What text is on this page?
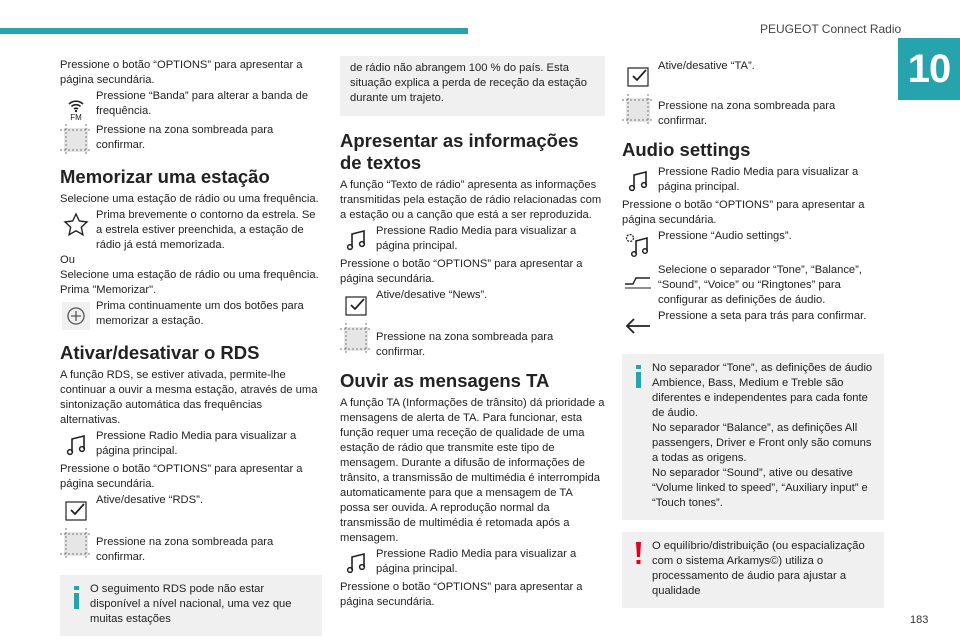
PEUGEOT Connect Radio
10
183

Pressione o botão “OPTIONS” para apresentar a página secundária.

FM
Pressione “Banda” para alterar a banda de frequência.
Pressione na zona sombreada para confirmar.
Memorizar uma estação

Selecione uma estação de rádio ou uma frequência.

Prima brevemente o contorno da estrela. Se a estrela estiver preenchida, a estação de rádio já está memorizada.

Ou

Selecione uma estação de rádio ou uma frequência.

Prima "Memorizar".

Prima continuamente um dos botões para memorizar a estação.
Ativar/desativar o RDS

A função RDS, se estiver ativada, permite-lhe continuar a ouvir a mesma estação, através de uma sintonização automática das frequências alternativas.

Pressione Radio Media para visualizar a página principal.

Pressione o botão “OPTIONS” para apresentar a página secundária.

Ative/desative “RDS”.
Pressione na zona sombreada para confirmar.
O seguimento RDS pode não estar disponível a nível nacional, uma vez que muitas estações
de rádio não abrangem 100 % do país. Esta situação explica a perda de receção da estação durante um trajeto.
Apresentar as informações de textos

A função “Texto de rádio” apresenta as informações transmitidas pela estação de rádio relacionadas com a estação ou a canção que está a ser reproduzida.

Pressione Radio Media para visualizar a página principal.

Pressione o botão “OPTIONS” para apresentar a página secundária.

Ative/desative “News”.
Pressione na zona sombreada para confirmar.
Ouvir as mensagens TA

A função TA (Informações de trânsito) dá prioridade a mensagens de alerta de TA. Para funcionar, esta função requer uma receção de qualidade de uma estação de rádio que transmite este tipo de mensagem. Durante a difusão de informações de trânsito, a transmissão de multimédia é interrompida automaticamente para que a mensagem de TA possa ser ouvida. A reprodução normal da transmissão de multimédia é retomada após a mensagem.

Pressione Radio Media para visualizar a página principal.

Pressione o botão “OPTIONS” para apresentar a página secundária.

Ative/desative “TA”.
Pressione na zona sombreada para confirmar.
Audio settings
Pressione Radio Media para visualizar a página principal.

Pressione o botão “OPTIONS” para apresentar a página secundária.

Pressione “Audio settings”.
Selecione o separador “Tone”, “Balance”, “Sound”, “Voice” ou “Ringtones” para configurar as definições de áudio.
Pressione a seta para trás para confirmar.
No separador “Tone”, as definições de áudio Ambience, Bass, Medium e Treble são diferentes e independentes para cada fonte de áudio.
No separador “Balance”, as definições All passengers, Driver e Front only são comuns a todas as origens.
No separador “Sound”, ative ou desative “Volume linked to speed”, “Auxiliary input” e “Touch tones”.
O equilíbrio/distribuição (ou espacialização com o sistema Arkamys©) utiliza o processamento de áudio para ajustar a qualidade
